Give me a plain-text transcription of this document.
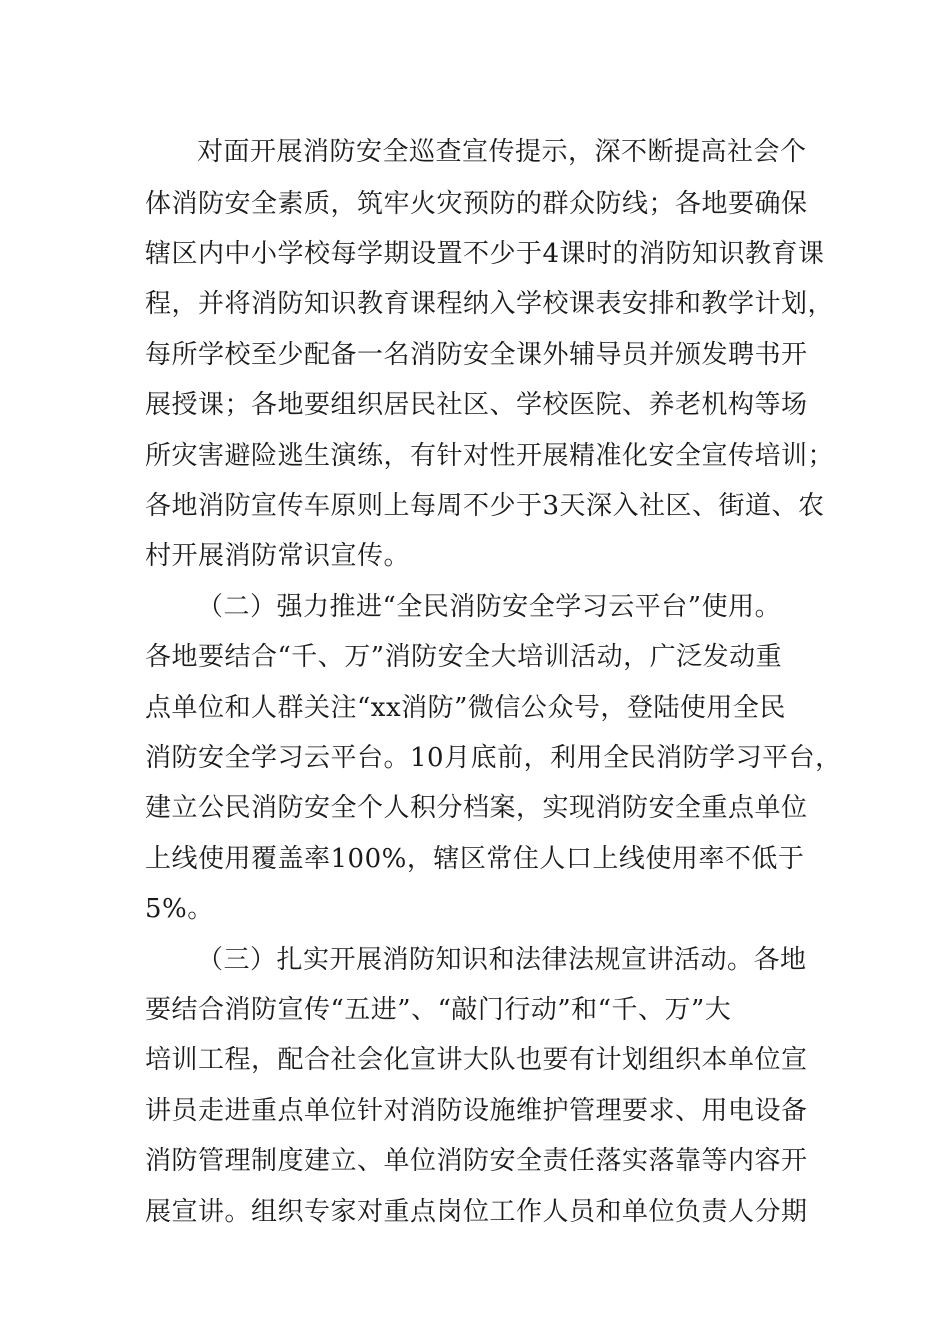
对面开展消防安全巡查宣传提示，深不断提高社会个
体消防安全素质，筑牢火灾预防的群众防线；各地要确保
辖区内中小学校每学期设置不少于4课时的消防知识教育课
程，并将消防知识教育课程纳入学校课表安排和教学计划，
每所学校至少配备一名消防安全课外辅导员并颁发聘书开
展授课；各地要组织居民社区、学校医院、养老机构等场
所灾害避险逃生演练，有针对性开展精准化安全宣传培训；
各地消防宣传车原则上每周不少于3天深入社区、街道、农
村开展消防常识宣传。
（二）强力推进“全民消防安全学习云平台”使用。
各地要结合“千、万”消防安全大培训活动，广泛发动重
点单位和人群关注“xx消防”微信公众号，登陆使用全民
消防安全学习云平台。10月底前，利用全民消防学习平台，
建立公民消防安全个人积分档案，实现消防安全重点单位
上线使用覆盖率100%，辖区常住人口上线使用率不低于
5%。
（三）扎实开展消防知识和法律法规宣讲活动。各地
要结合消防宣传“五进”、“敲门行动”和“千、万”大
培训工程，配合社会化宣讲大队也要有计划组织本单位宣
讲员走进重点单位针对消防设施维护管理要求、用电设备
消防管理制度建立、单位消防安全责任落实落靠等内容开
展宣讲。组织专家对重点岗位工作人员和单位负责人分期
